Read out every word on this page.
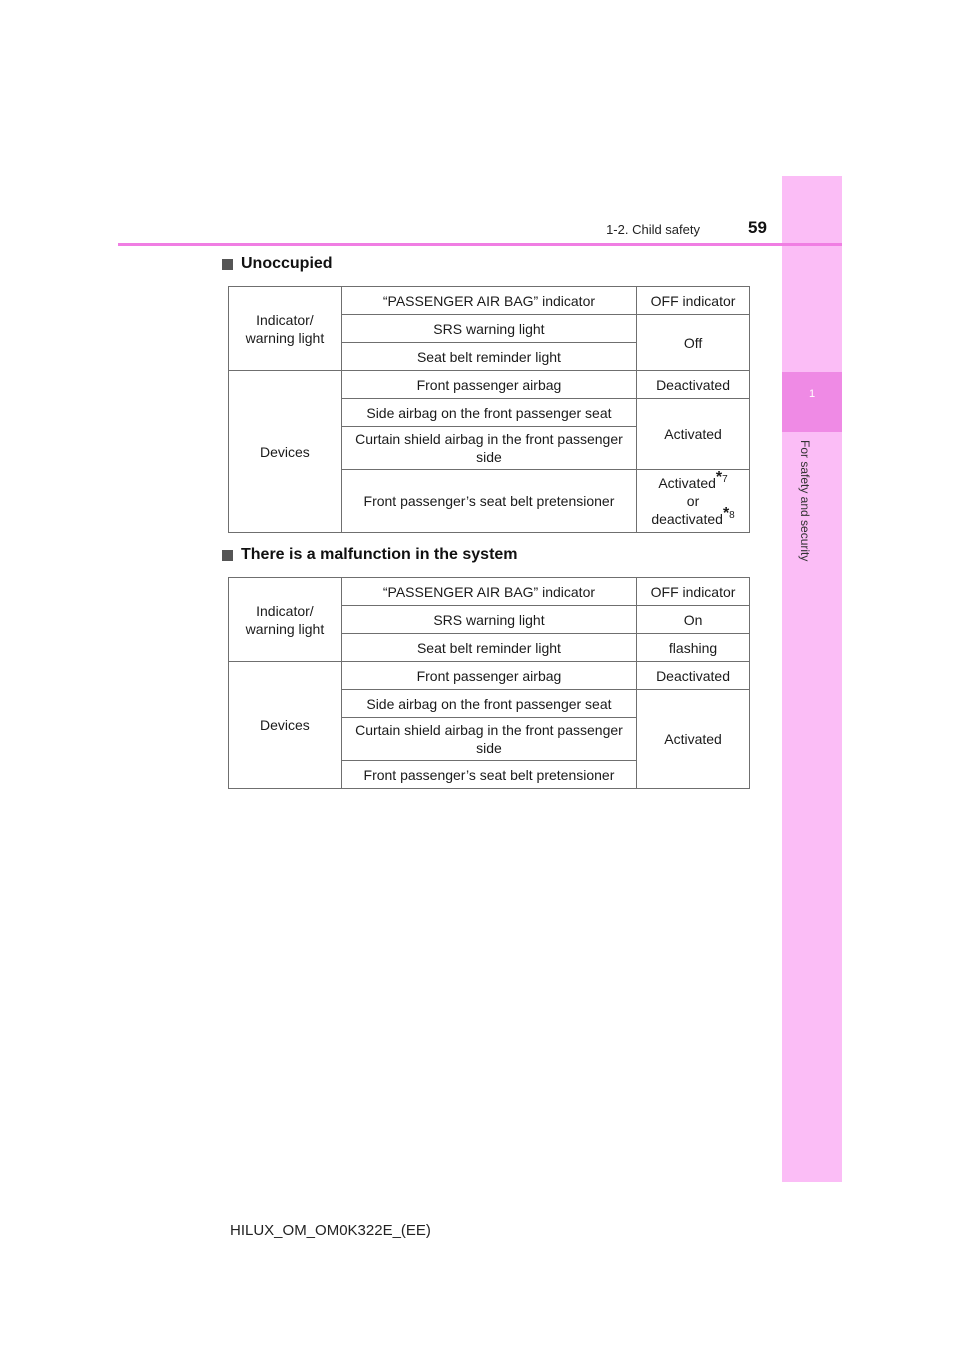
1
For safety and security
1-2. Child safety	59
Unoccupied
Indicator/
warning light	“PASSENGER AIR BAG” indicator	OFF indicator
	SRS warning light	Off
	Seat belt reminder light	
Devices	Front passenger airbag	Deactivated
	Side airbag on the front passenger seat	Activated
	Curtain shield airbag in the front passenger side	
	Front passenger’s seat belt pretensioner	Activated$^{*7}$
or
deactivated$^{*8}$
There is a malfunction in the system
Indicator/
warning light	“PASSENGER AIR BAG” indicator	OFF indicator
	SRS warning light	On
	Seat belt reminder light	flashing
Devices	Front passenger airbag	Deactivated
	Side airbag on the front passenger seat	Activated
	Curtain shield airbag in the front passenger side	
	Front passenger’s seat belt pretensioner	
HILUX_OM_OM0K322E_(EE)
